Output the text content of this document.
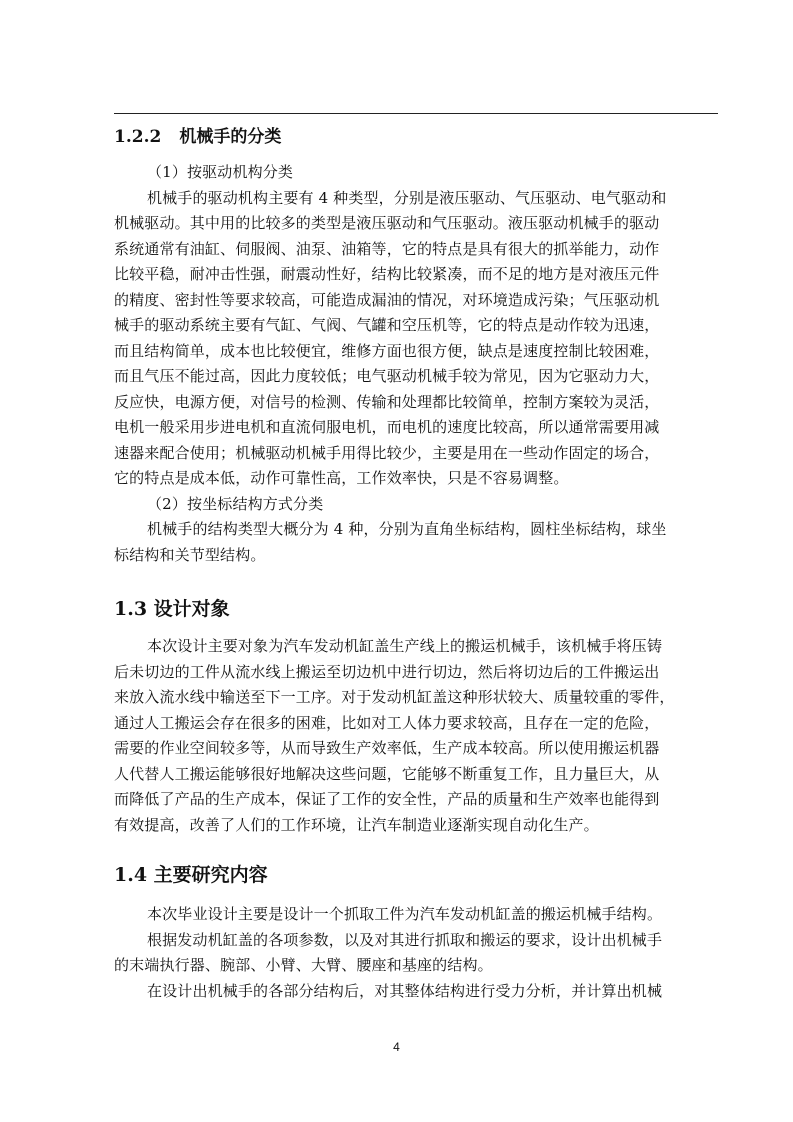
1.2.2 机械手的分类
（1）按驱动机构分类
机械手的驱动机构主要有 4 种类型，分别是液压驱动、气压驱动、电气驱动和
机械驱动。其中用的比较多的类型是液压驱动和气压驱动。液压驱动机械手的驱动
系统通常有油缸、伺服阀、油泵、油箱等，它的特点是具有很大的抓举能力，动作
比较平稳，耐冲击性强，耐震动性好，结构比较紧凑，而不足的地方是对液压元件
的精度、密封性等要求较高，可能造成漏油的情况，对环境造成污染；气压驱动机
械手的驱动系统主要有气缸、气阀、气罐和空压机等，它的特点是动作较为迅速，
而且结构简单，成本也比较便宜，维修方面也很方便，缺点是速度控制比较困难，
而且气压不能过高，因此力度较低；电气驱动机械手较为常见，因为它驱动力大，
反应快，电源方便，对信号的检测、传输和处理都比较简单，控制方案较为灵活，
电机一般采用步进电机和直流伺服电机，而电机的速度比较高，所以通常需要用减
速器来配合使用；机械驱动机械手用得比较少，主要是用在一些动作固定的场合，
它的特点是成本低，动作可靠性高，工作效率快，只是不容易调整。
（2）按坐标结构方式分类
机械手的结构类型大概分为 4 种，分别为直角坐标结构，圆柱坐标结构，球坐
标结构和关节型结构。
1.3 设计对象
本次设计主要对象为汽车发动机缸盖生产线上的搬运机械手，该机械手将压铸
后未切边的工件从流水线上搬运至切边机中进行切边，然后将切边后的工件搬运出
来放入流水线中输送至下一工序。对于发动机缸盖这种形状较大、质量较重的零件，
通过人工搬运会存在很多的困难，比如对工人体力要求较高，且存在一定的危险，
需要的作业空间较多等，从而导致生产效率低，生产成本较高。所以使用搬运机器
人代替人工搬运能够很好地解决这些问题，它能够不断重复工作，且力量巨大，从
而降低了产品的生产成本，保证了工作的安全性，产品的质量和生产效率也能得到
有效提高，改善了人们的工作环境，让汽车制造业逐渐实现自动化生产。
1.4 主要研究内容
本次毕业设计主要是设计一个抓取工件为汽车发动机缸盖的搬运机械手结构。
根据发动机缸盖的各项参数，以及对其进行抓取和搬运的要求，设计出机械手
的末端执行器、腕部、小臂、大臂、腰座和基座的结构。
在设计出机械手的各部分结构后，对其整体结构进行受力分析，并计算出机械
4
